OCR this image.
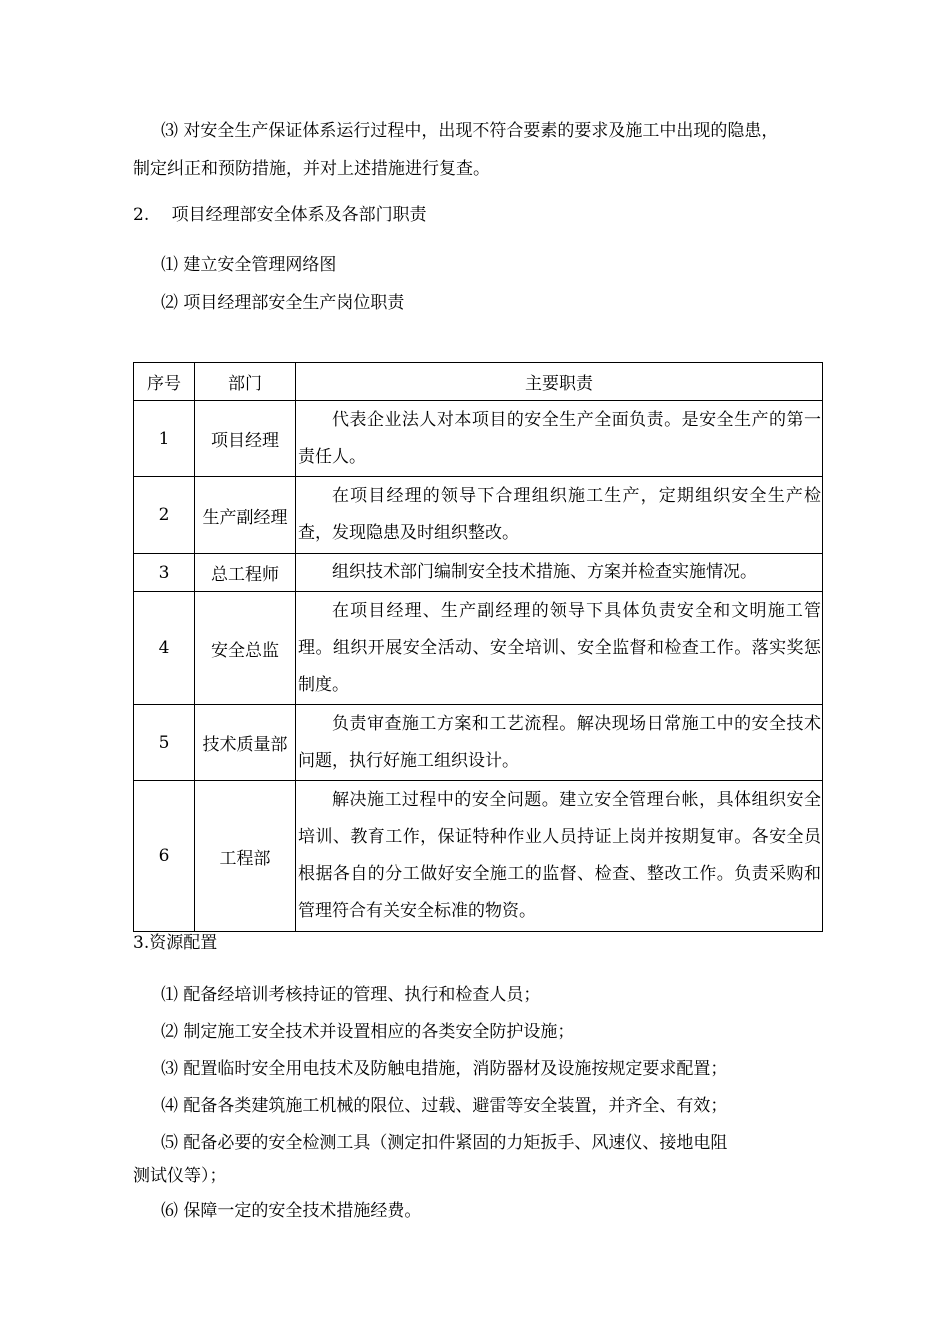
⑶ 对安全生产保证体系运行过程中，出现不符合要素的要求及施工中出现的隐患，
制定纠正和预防措施，并对上述措施进行复查。
2.　 项目经理部安全体系及各部门职责
⑴ 建立安全管理网络图
⑵ 项目经理部安全生产岗位职责
序号	部门	主要职责
1	项目经理	代表企业法人对本项目的安全生产全面负责。是安全生产的第一责任人。
2	生产副经理	在项目经理的领导下合理组织施工生产，定期组织安全生产检查，发现隐患及时组织整改。
3	总工程师	组织技术部门编制安全技术措施、方案并检查实施情况。
4	安全总监	在项目经理、生产副经理的领导下具体负责安全和文明施工管理。组织开展安全活动、安全培训、安全监督和检查工作。落实奖惩制度。
5	技术质量部	负责审查施工方案和工艺流程。解决现场日常施工中的安全技术问题，执行好施工组织设计。
6	工程部	解决施工过程中的安全问题。建立安全管理台帐，具体组织安全培训、教育工作，保证特种作业人员持证上岗并按期复审。各安全员根据各自的分工做好安全施工的监督、检查、整改工作。负责采购和管理符合有关安全标准的物资。
3.资源配置
⑴ 配备经培训考核持证的管理、执行和检查人员；
⑵ 制定施工安全技术并设置相应的各类安全防护设施；
⑶ 配置临时安全用电技术及防触电措施，消防器材及设施按规定要求配置；
⑷ 配备各类建筑施工机械的限位、过载、避雷等安全装置，并齐全、有效；
⑸ 配备必要的安全检测工具（测定扣件紧固的力矩扳手、风速仪、接地电阻
测试仪等）；
⑹ 保障一定的安全技术措施经费。
